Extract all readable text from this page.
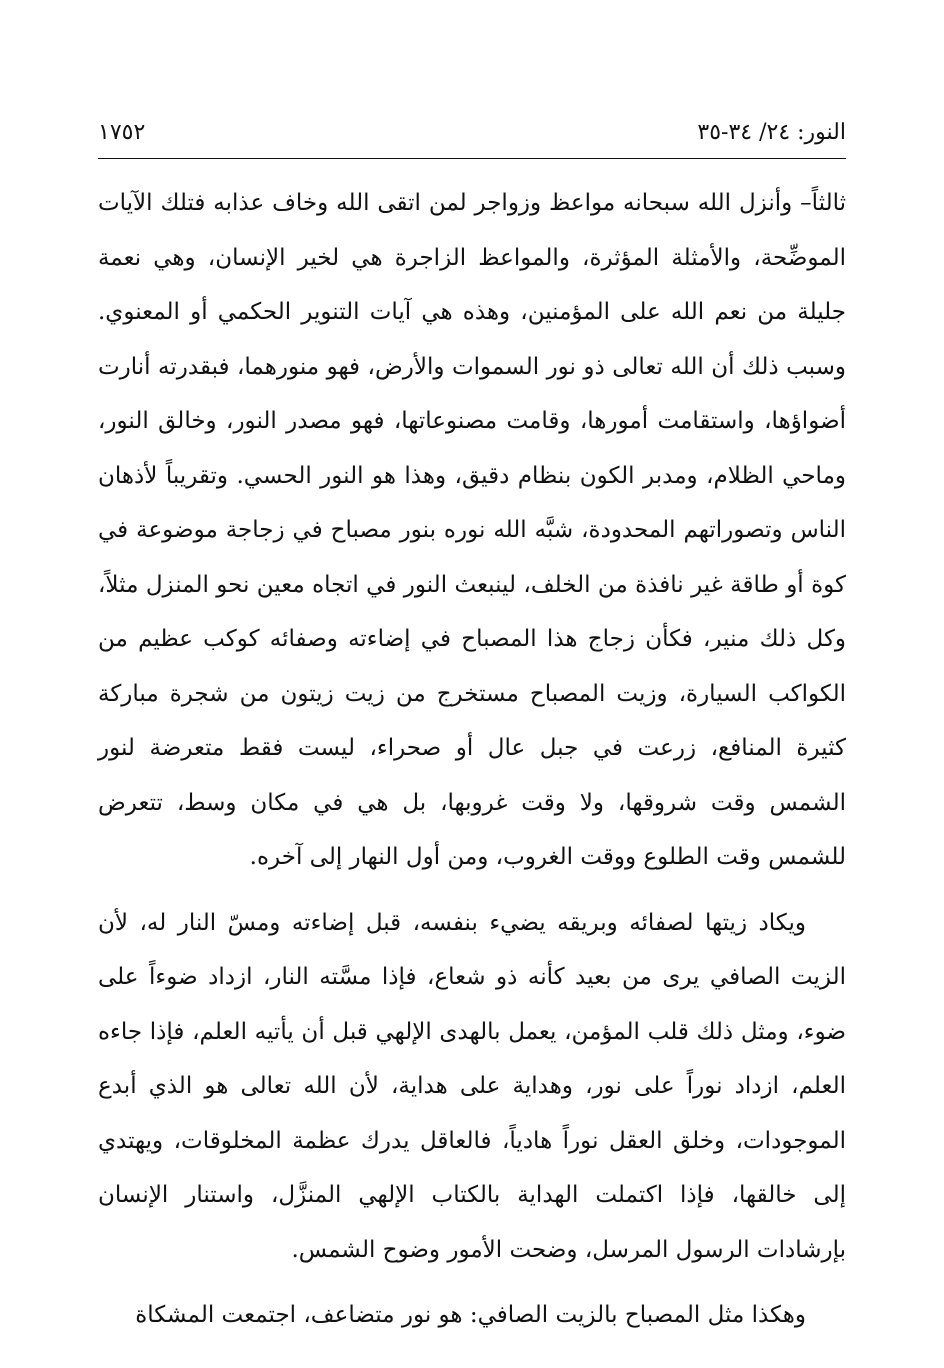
النور: ٢٤/ ٣٤-٣٥
١٧٥٢

ثالثاً– وأنزل الله سبحانه مواعظ وزواجر لمن اتقى الله وخاف عذابه فتلك الآيات الموضِّحة، والأمثلة المؤثرة، والمواعظ الزاجرة هي لخير الإنسان، وهي نعمة جليلة من نعم الله على المؤمنين، وهذه هي آيات التنوير الحكمي أو المعنوي. وسبب ذلك أن الله تعالى ذو نور السموات والأرض، فهو منورهما، فبقدرته أنارت أضواؤها، واستقامت أمورها، وقامت مصنوعاتها، فهو مصدر النور، وخالق النور، وماحي الظلام، ومدبر الكون بنظام دقيق، وهذا هو النور الحسي. وتقريباً لأذهان الناس وتصوراتهم المحدودة، شبَّه الله نوره بنور مصباح في زجاجة موضوعة في كوة أو طاقة غير نافذة من الخلف، لينبعث النور في اتجاه معين نحو المنزل مثلاً، وكل ذلك منير، فكأن زجاج هذا المصباح في إضاءته وصفائه كوكب عظيم من الكواكب السيارة، وزيت المصباح مستخرج من زيت زيتون من شجرة مباركة كثيرة المنافع، زرعت في جبل عال أو صحراء، ليست فقط متعرضة لنور الشمس وقت شروقها، ولا وقت غروبها، بل هي في مكان وسط، تتعرض للشمس وقت الطلوع ووقت الغروب، ومن أول النهار إلى آخره.

ويكاد زيتها لصفائه وبريقه يضيء بنفسه، قبل إضاءته ومسّ النار له، لأن الزيت الصافي يرى من بعيد كأنه ذو شعاع، فإذا مسَّته النار، ازداد ضوءاً على ضوء، ومثل ذلك قلب المؤمن، يعمل بالهدى الإلهي قبل أن يأتيه العلم، فإذا جاءه العلم، ازداد نوراً على نور، وهداية على هداية، لأن الله تعالى هو الذي أبدع الموجودات، وخلق العقل نوراً هادياً، فالعاقل يدرك عظمة المخلوقات، ويهتدي إلى خالقها، فإذا اكتملت الهداية بالكتاب الإلهي المنزَّل، واستنار الإنسان بإرشادات الرسول المرسل، وضحت الأمور وضوح الشمس.

وهكذا مثل المصباح بالزيت الصافي: هو نور متضاعف، اجتمعت المشكاة
